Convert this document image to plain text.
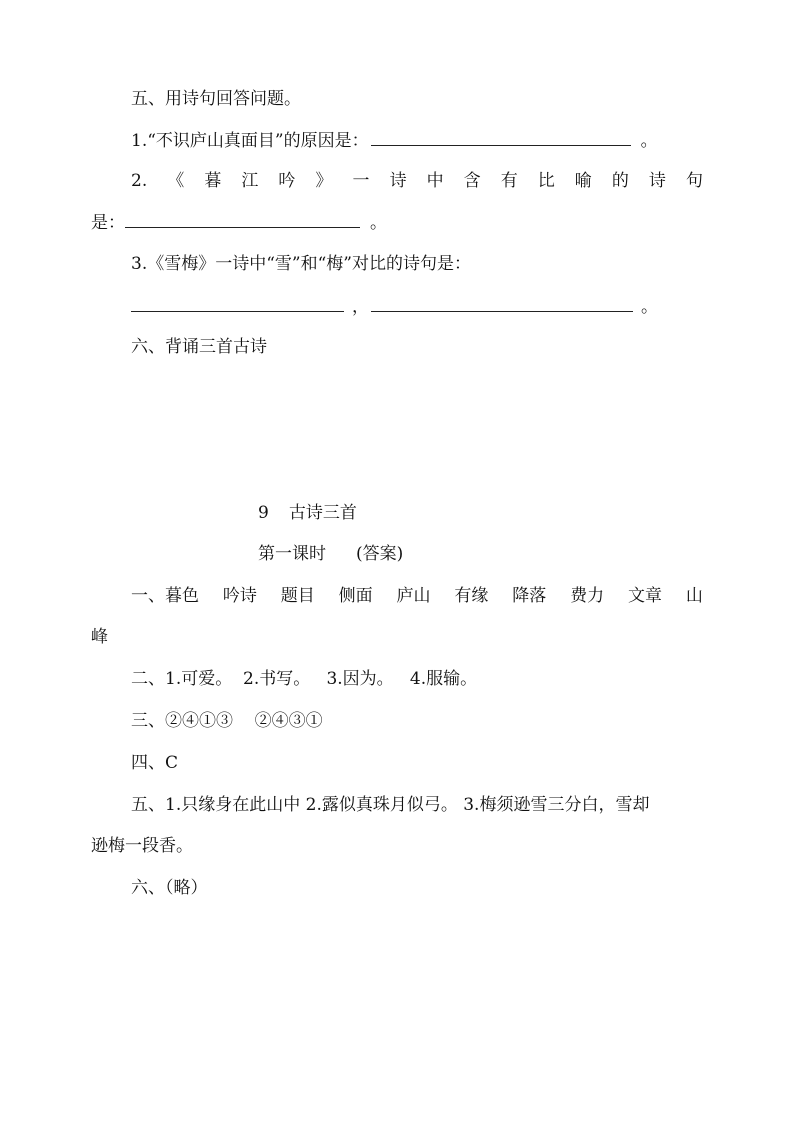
五、用诗句回答问题。
1.“不识庐山真面目”的原因是：	。
2. 《 暮 江 吟 》 一 诗 中 含 有 比 喻 的 诗 句
是：	。
3.《雪梅》一诗中“雪”和“梅”对比的诗句是：
，	。
六、背诵三首古诗
9 古诗三首
第一课时 (答案)
一、暮色 吟诗 题目 侧面 庐山 有缘 降落 费力 文章 山
峰
二、1.可爱。  2.书写。   3.因为。   4.服输。
三、②④①③    ②④③①
四、C
五、1.只缘身在此山中 2.露似真珠月似弓。 3.梅须逊雪三分白，雪却
逊梅一段香。
六、（略）
